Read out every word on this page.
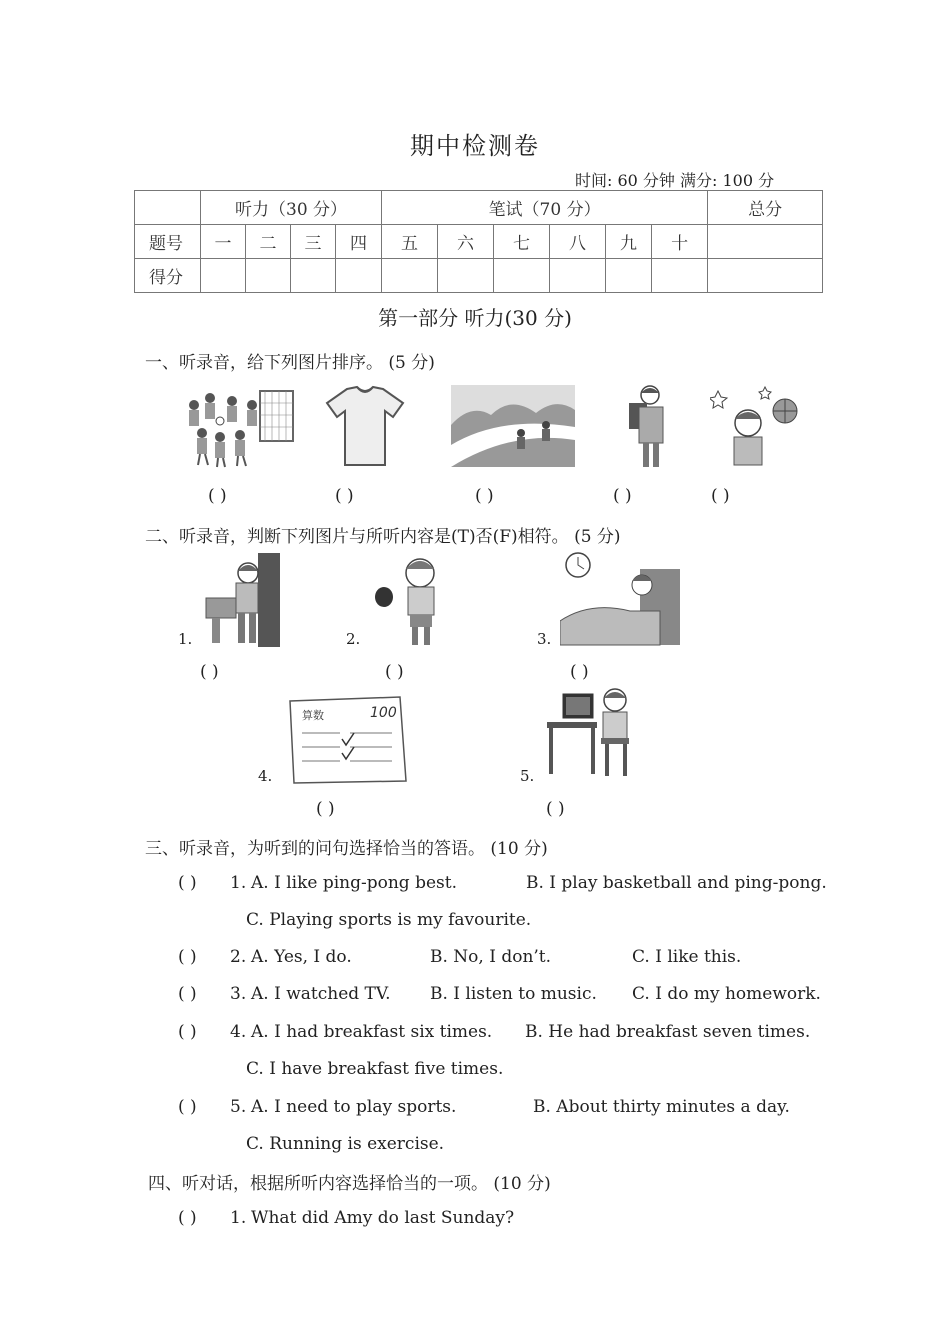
期中检测卷
时间: 60 分钟 满分: 100 分
	听力（30 分）				笔试（70 分）						总分
题号	一	二	三	四	五	六	七	八	九	十	
得分											
第一部分 听力(30 分)
一、听录音，给下列图片排序。 (5 分)
( )	( )	( )	( )	( )
二、听录音，判断下列图片与所听内容是(T)否(F)相符。 (5 分)
1.	2.	3.
( )	( )	( )
4.
算数	100
5.
( )	( )
三、听录音，为听到的问句选择恰当的答语。 (10 分)
( ) 1. A. I like ping-pong best.	B. I play basketball and ping-pong.
C. Playing sports is my favourite.
( ) 2. A. Yes, I do.	B. No, I don’t.	C. I like this.
( ) 3. A. I watched TV. B. I listen to music. C. I do my homework.
( ) 4. A. I had breakfast six times. B. He had breakfast seven times.
C. I have breakfast five times.
( ) 5. A. I need to play sports.	B. About thirty minutes a day.
C. Running is exercise.
四、听对话，根据所听内容选择恰当的一项。 (10 分)
( ) 1. What did Amy do last Sunday?
